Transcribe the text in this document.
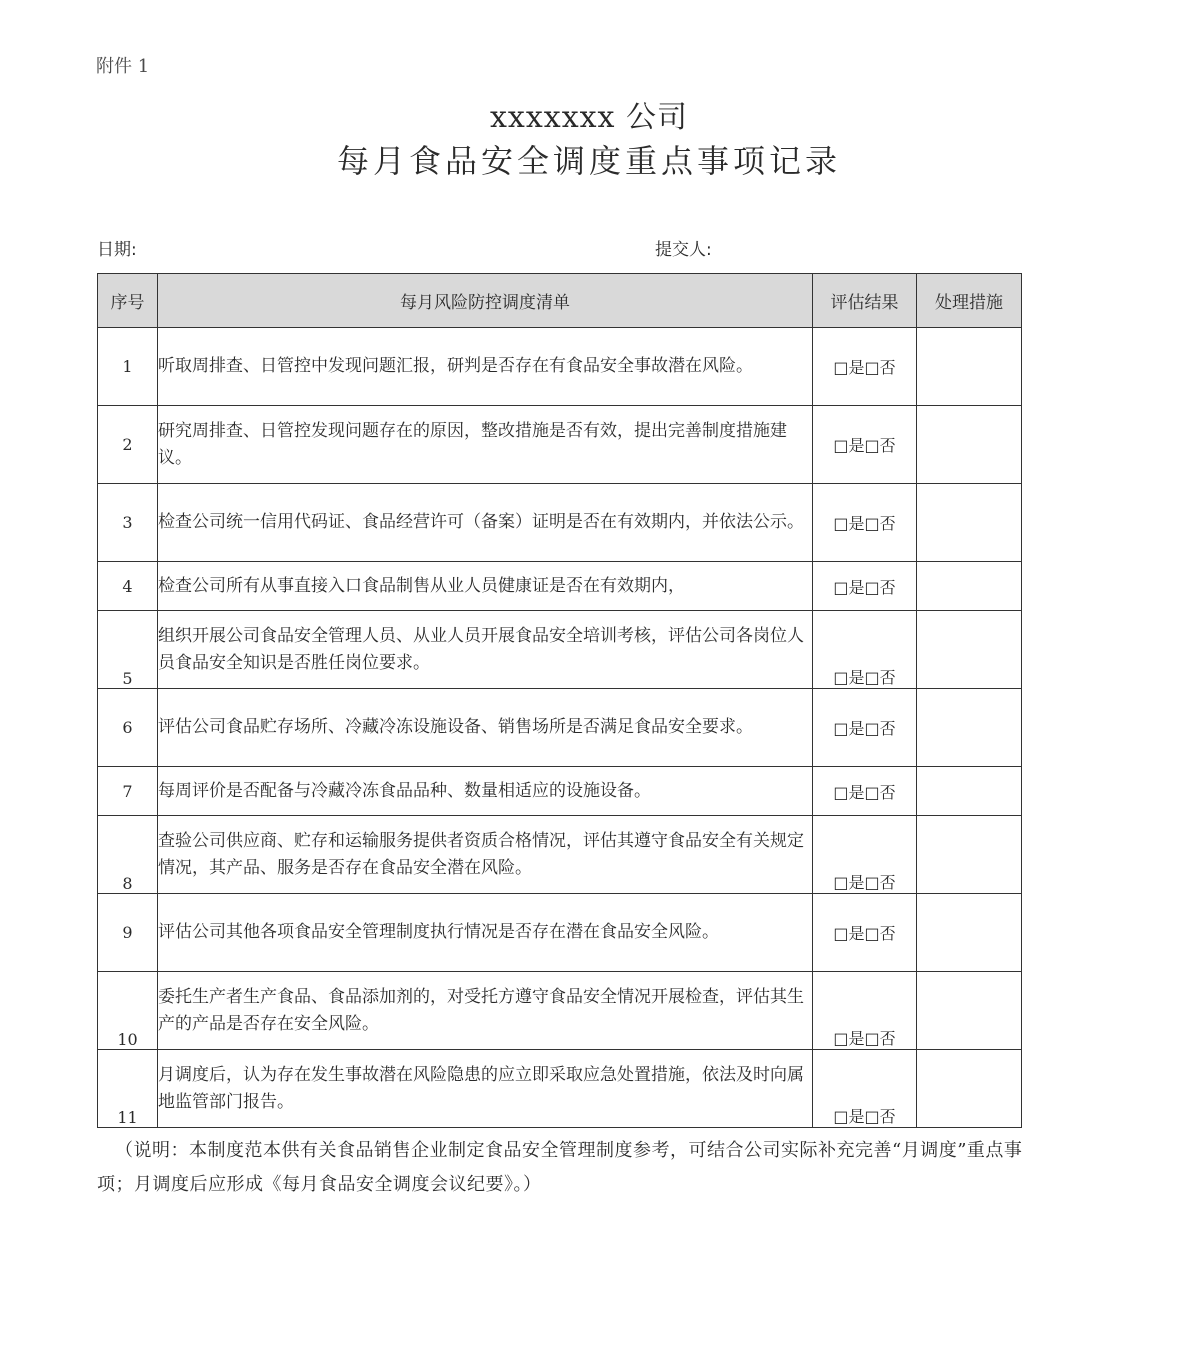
附件 1
xxxxxxx 公司
每月食品安全调度重点事项记录
日期:	提交人:
序号	每月风险防控调度清单	评估结果	处理措施
1	听取周排查、日管控中发现问题汇报，研判是否存在有食品安全事故潜在风险。	□是□否	
2	研究周排查、日管控发现问题存在的原因，整改措施是否有效，提出完善制度措施建议。	□是□否	
3	检查公司统一信用代码证、食品经营许可（备案）证明是否在有效期内，并依法公示。	□是□否	
4	检查公司所有从事直接入口食品制售从业人员健康证是否在有效期内，	□是□否	
5	组织开展公司食品安全管理人员、从业人员开展食品安全培训考核，评估公司各岗位人员食品安全知识是否胜任岗位要求。	□是□否	
6	评估公司食品贮存场所、冷藏冷冻设施设备、销售场所是否满足食品安全要求。	□是□否	
7	每周评价是否配备与冷藏冷冻食品品种、数量相适应的设施设备。	□是□否	
8	查验公司供应商、贮存和运输服务提供者资质合格情况，评估其遵守食品安全有关规定情况，其产品、服务是否存在食品安全潜在风险。	□是□否	
9	评估公司其他各项食品安全管理制度执行情况是否存在潜在食品安全风险。	□是□否	
10	委托生产者生产食品、食品添加剂的，对受托方遵守食品安全情况开展检查，评估其生产的产品是否存在安全风险。	□是□否	
11	月调度后，认为存在发生事故潜在风险隐患的应立即采取应急处置措施，依法及时向属地监管部门报告。	□是□否	
（说明：本制度范本供有关食品销售企业制定食品安全管理制度参考，可结合公司实际补充完善“月调度”重点事项；月调度后应形成《每月食品安全调度会议纪要》。）
